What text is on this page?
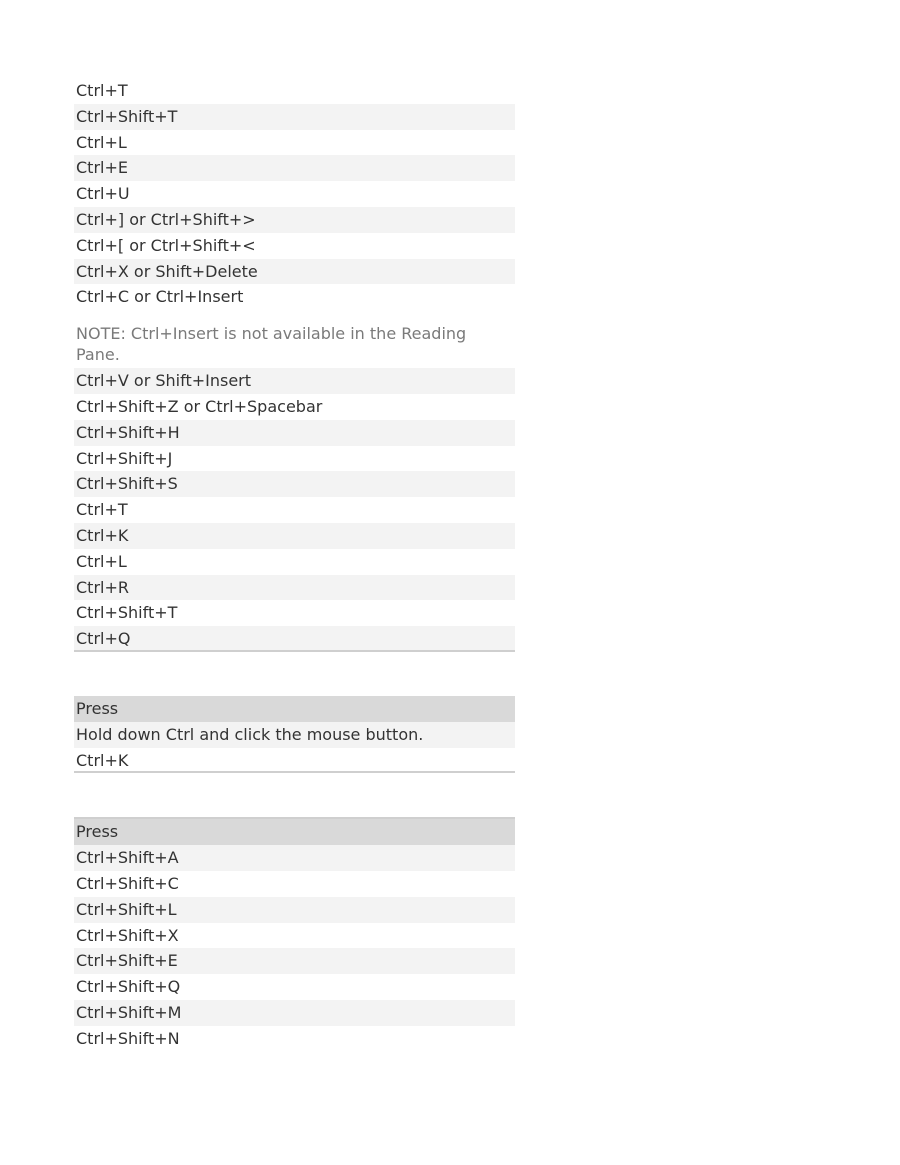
Ctrl+T
Ctrl+Shift+T
Ctrl+L
Ctrl+E
Ctrl+U
Ctrl+] or Ctrl+Shift+>
Ctrl+[ or Ctrl+Shift+<
Ctrl+X or Shift+Delete
Ctrl+C or Ctrl+Insert
NOTE: Ctrl+Insert is not available in the Reading Pane.
Ctrl+V or Shift+Insert
Ctrl+Shift+Z or Ctrl+Spacebar
Ctrl+Shift+H
Ctrl+Shift+J
Ctrl+Shift+S
Ctrl+T
Ctrl+K
Ctrl+L
Ctrl+R
Ctrl+Shift+T
Ctrl+Q
Press
Hold down Ctrl and click the mouse button.
Ctrl+K
Press
Ctrl+Shift+A
Ctrl+Shift+C
Ctrl+Shift+L
Ctrl+Shift+X
Ctrl+Shift+E
Ctrl+Shift+Q
Ctrl+Shift+M
Ctrl+Shift+N
